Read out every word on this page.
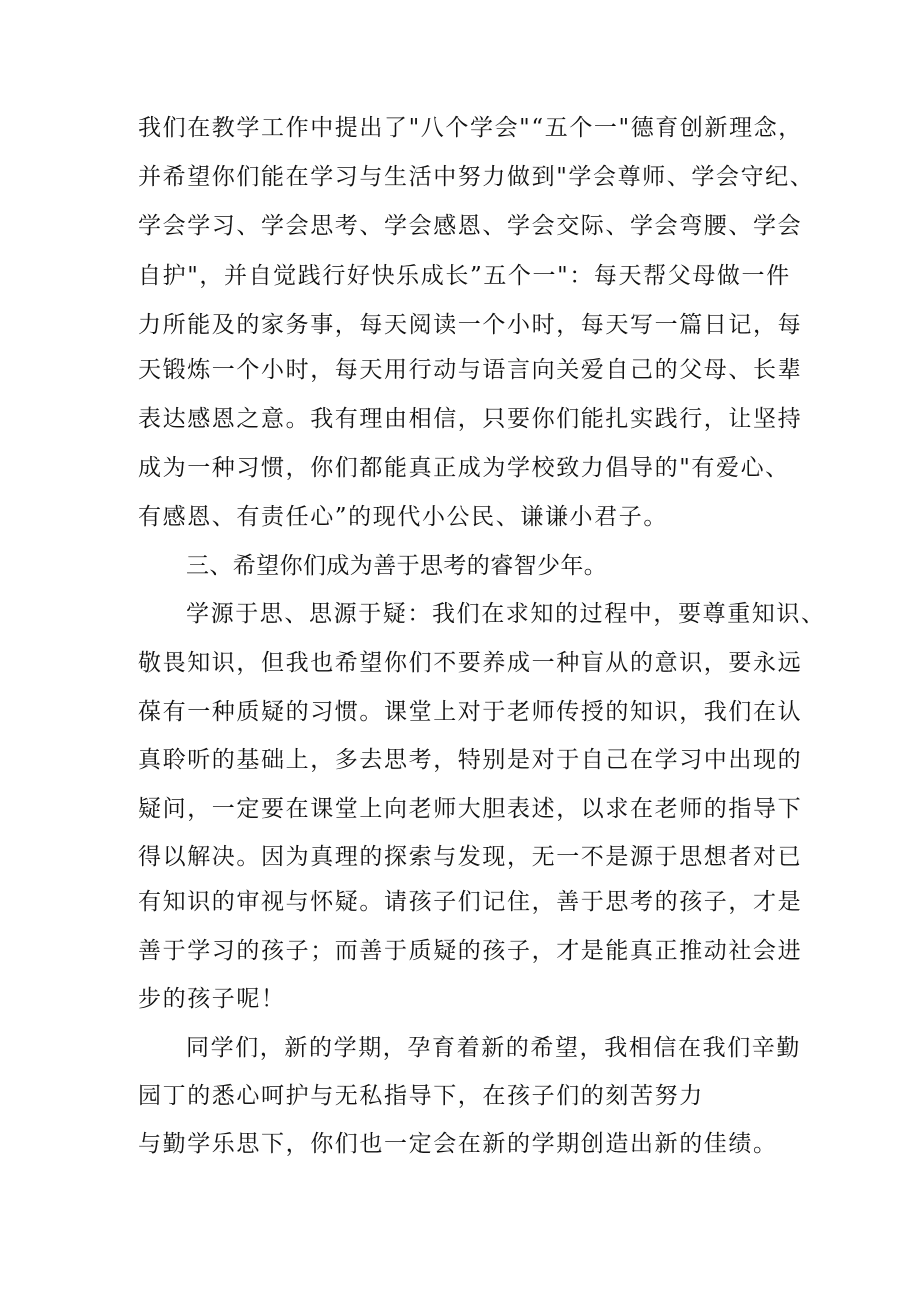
我们在教学工作中提出了"八个学会"“五个一"德育创新理念，
并希望你们能在学习与生活中努力做到"学会尊师、学会守纪、
学会学习、学会思考、学会感恩、学会交际、学会弯腰、学会
自护"，并自觉践行好快乐成长”五个一"：每天帮父母做一件
力所能及的家务事，每天阅读一个小时，每天写一篇日记，每
天锻炼一个小时，每天用行动与语言向关爱自己的父母、长辈
表达感恩之意。我有理由相信，只要你们能扎实践行，让坚持
成为一种习惯，你们都能真正成为学校致力倡导的"有爱心、
有感恩、有责任心”的现代小公民、谦谦小君子。
三、希望你们成为善于思考的睿智少年。
学源于思、思源于疑：我们在求知的过程中，要尊重知识、
敬畏知识，但我也希望你们不要养成一种盲从的意识，要永远
葆有一种质疑的习惯。课堂上对于老师传授的知识，我们在认
真聆听的基础上，多去思考，特别是对于自己在学习中出现的
疑问，一定要在课堂上向老师大胆表述，以求在老师的指导下
得以解决。因为真理的探索与发现，无一不是源于思想者对已
有知识的审视与怀疑。请孩子们记住，善于思考的孩子，才是
善于学习的孩子；而善于质疑的孩子，才是能真正推动社会进
步的孩子呢！
同学们，新的学期，孕育着新的希望，我相信在我们辛勤
园丁的悉心呵护与无私指导下，在孩子们的刻苦努力
与勤学乐思下，你们也一定会在新的学期创造出新的佳绩。
